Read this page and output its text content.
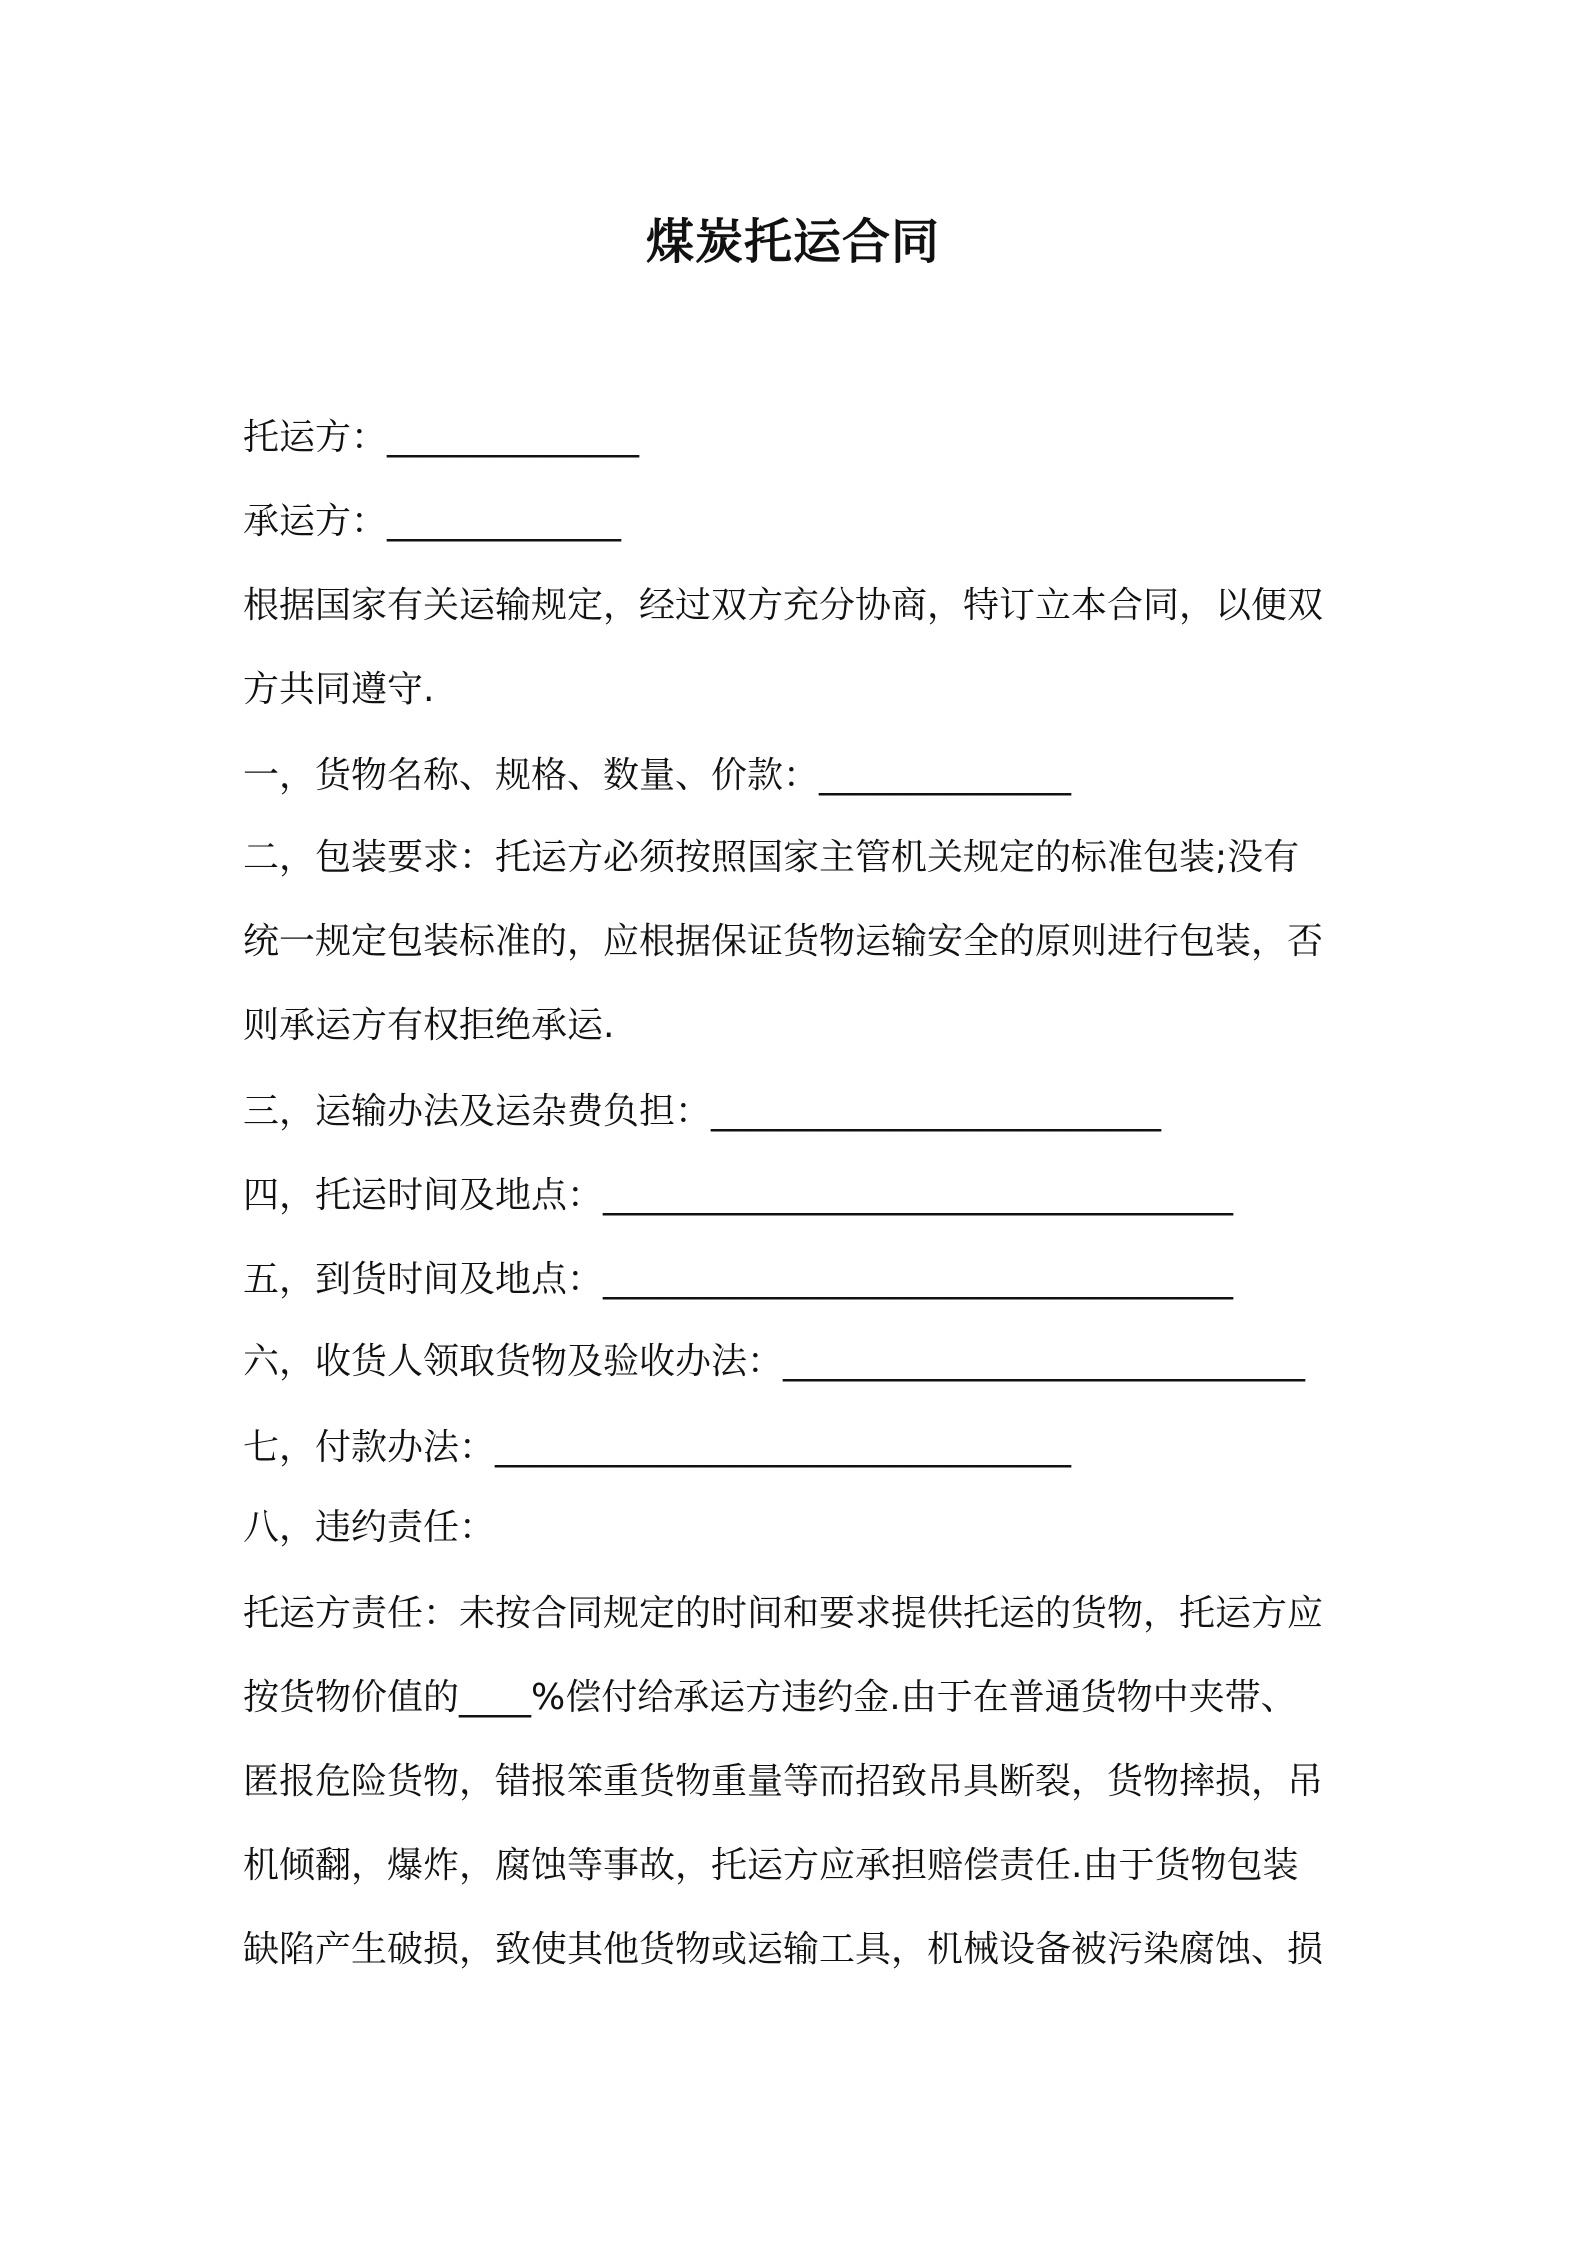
煤炭托运合同
托运方：______________
承运方：_____________
根据国家有关运输规定，经过双方充分协商，特订立本合同，以便双
方共同遵守.
一，货物名称、规格、数量、价款：______________
二，包装要求：托运方必须按照国家主管机关规定的标准包装;没有
统一规定包装标准的，应根据保证货物运输安全的原则进行包装，否
则承运方有权拒绝承运.
三，运输办法及运杂费负担：_________________________
四，托运时间及地点：___________________________________
五，到货时间及地点：___________________________________
六，收货人领取货物及验收办法：_____________________________
七，付款办法：________________________________
八，违约责任：
托运方责任：未按合同规定的时间和要求提供托运的货物，托运方应
按货物价值的____%偿付给承运方违约金.由于在普通货物中夹带、
匿报危险货物，错报笨重货物重量等而招致吊具断裂，货物摔损，吊
机倾翻，爆炸，腐蚀等事故，托运方应承担赔偿责任.由于货物包装
缺陷产生破损，致使其他货物或运输工具，机械设备被污染腐蚀、损
